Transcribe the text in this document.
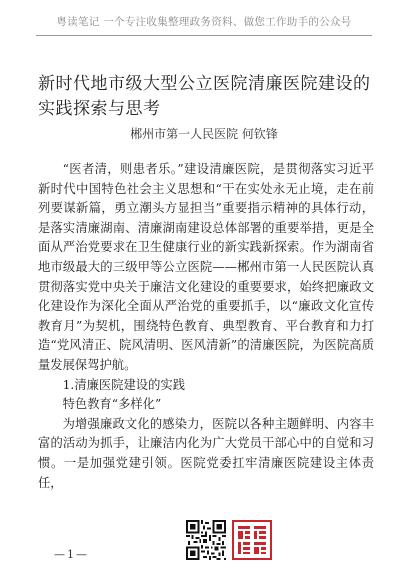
粤读笔记 一个专注收集整理政务资料、做您工作助手的公众号
新时代地市级大型公立医院清廉医院建设的实践探索与思考
郴州市第一人民医院 何钦锋

“医者清，则患者乐。”建设清廉医院，是贯彻落实习近平新时代中国特色社会主义思想和“干在实处永无止境，走在前列要谋新篇，勇立潮头方显担当”重要指示精神的具体行动，是落实清廉湖南、清廉湖南建设总体部署的重要举措，更是全面从严治党要求在卫生健康行业的新实践新探索。作为湖南省地市级最大的三级甲等公立医院——郴州市第一人民医院认真贯彻落实党中央关于廉洁文化建设的重要要求，始终把廉政文化建设作为深化全面从严治党的重要抓手，以“廉政文化宣传教育月”为契机，围绕特色教育、典型教育、平台教育和力打造“党风清正、院风清明、医风清新”的清廉医院，为医院高质量发展保驾护航。

1.清廉医院建设的实践

特色教育“多样化”

为增强廉政文化的感染力，医院以各种主题鲜明、内容丰富的活动为抓手，让廉洁内化为广大党员干部心中的自觉和习惯。一是加强党建引领。医院党委扛牢清廉医院建设主体责任，

—1—
